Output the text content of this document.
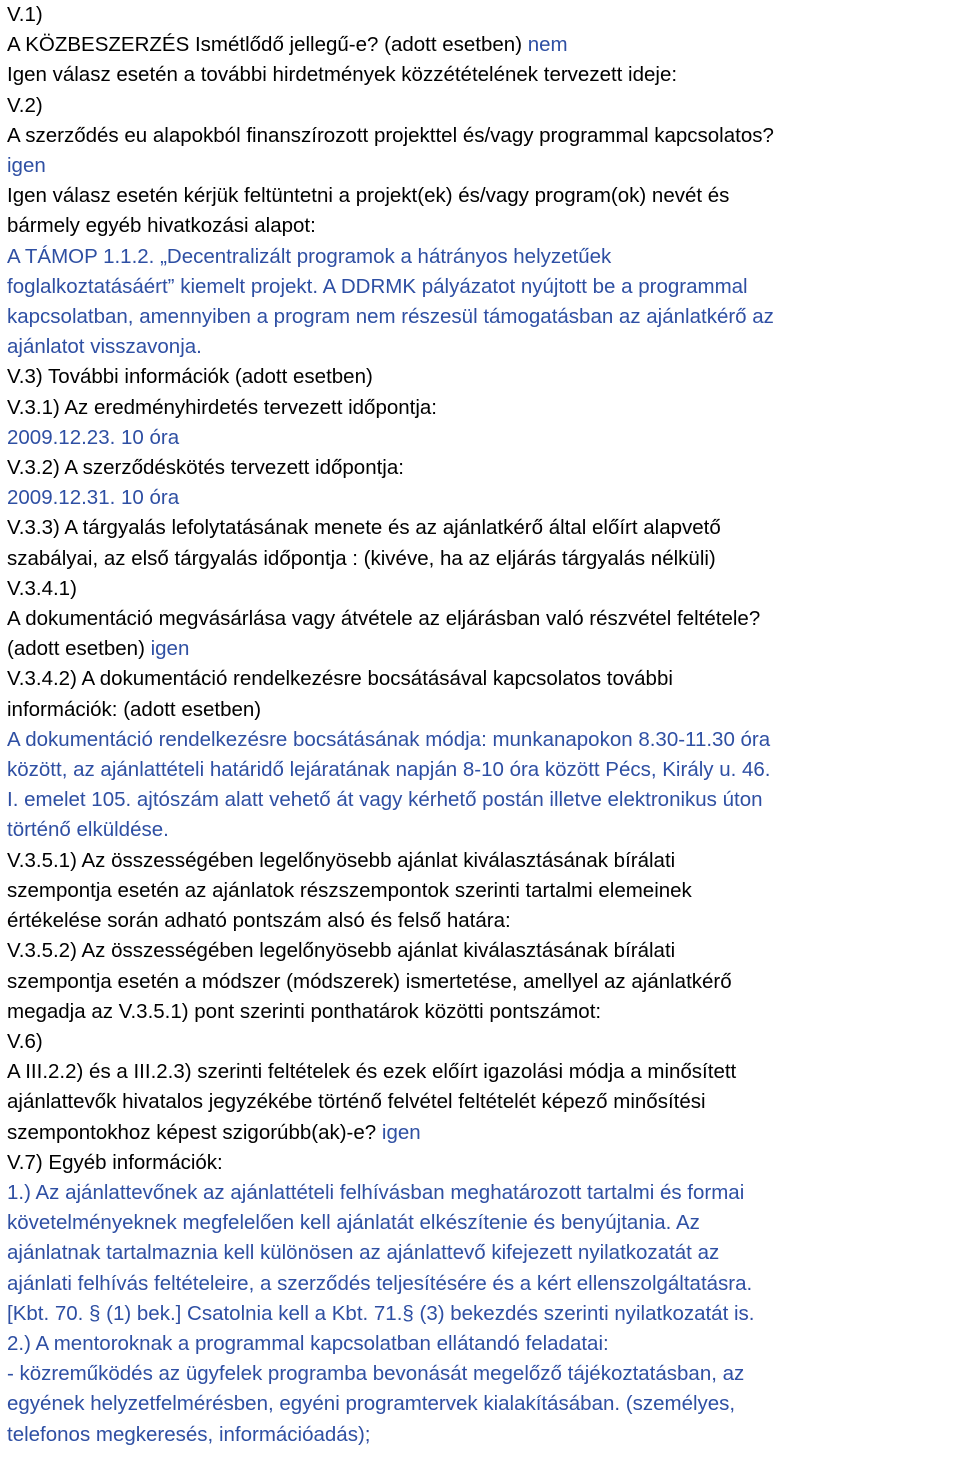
V.1)
A KÖZBESZERZÉS Ismétlődő jellegű-e? (adott esetben) nem
Igen válasz esetén a további hirdetmények közzétételének tervezett ideje:
V.2)
A szerződés eu alapokból finanszírozott projekttel és/vagy programmal kapcsolatos?
igen
Igen válasz esetén kérjük feltüntetni a projekt(ek) és/vagy program(ok) nevét és
bármely egyéb hivatkozási alapot:
A TÁMOP 1.1.2. „Decentralizált programok a hátrányos helyzetűek
foglalkoztatásáért” kiemelt projekt. A DDRMK pályázatot nyújtott be a programmal
kapcsolatban, amennyiben a program nem részesül támogatásban az ajánlatkérő az
ajánlatot visszavonja.
V.3) További információk (adott esetben)
V.3.1) Az eredményhirdetés tervezett időpontja:
2009.12.23. 10 óra
V.3.2) A szerződéskötés tervezett időpontja:
2009.12.31. 10 óra
V.3.3) A tárgyalás lefolytatásának menete és az ajánlatkérő által előírt alapvető
szabályai, az első tárgyalás időpontja : (kivéve, ha az eljárás tárgyalás nélküli)
V.3.4.1)
A dokumentáció megvásárlása vagy átvétele az eljárásban való részvétel feltétele?
(adott esetben) igen
V.3.4.2) A dokumentáció rendelkezésre bocsátásával kapcsolatos további
információk: (adott esetben)
A dokumentáció rendelkezésre bocsátásának módja: munkanapokon 8.30-11.30 óra
között, az ajánlattételi határidő lejáratának napján 8-10 óra között Pécs, Király u. 46.
I. emelet 105. ajtószám alatt vehető át vagy kérhető postán illetve elektronikus úton
történő elküldése.
V.3.5.1) Az összességében legelőnyösebb ajánlat kiválasztásának bírálati
szempontja esetén az ajánlatok részszempontok szerinti tartalmi elemeinek
értékelése során adható pontszám alsó és felső határa:
V.3.5.2) Az összességében legelőnyösebb ajánlat kiválasztásának bírálati
szempontja esetén a módszer (módszerek) ismertetése, amellyel az ajánlatkérő
megadja az V.3.5.1) pont szerinti ponthatárok közötti pontszámot:
V.6)
A III.2.2) és a III.2.3) szerinti feltételek és ezek előírt igazolási módja a minősített
ajánlattevők hivatalos jegyzékébe történő felvétel feltételét képező minősítési
szempontokhoz képest szigorúbb(ak)-e? igen
V.7) Egyéb információk:
1.) Az ajánlattevőnek az ajánlattételi felhívásban meghatározott tartalmi és formai
követelményeknek megfelelően kell ajánlatát elkészítenie és benyújtania. Az
ajánlatnak tartalmaznia kell különösen az ajánlattevő kifejezett nyilatkozatát az
ajánlati felhívás feltételeire, a szerződés teljesítésére és a kért ellenszolgáltatásra.
[Kbt. 70. § (1) bek.] Csatolnia kell a Kbt. 71.§ (3) bekezdés szerinti nyilatkozatát is.
2.) A mentoroknak a programmal kapcsolatban ellátandó feladatai:
- közreműködés az ügyfelek programba bevonását megelőző tájékoztatásban, az
egyének helyzetfelmérésben, egyéni programtervek kialakításában. (személyes,
telefonos megkeresés, információadás);
